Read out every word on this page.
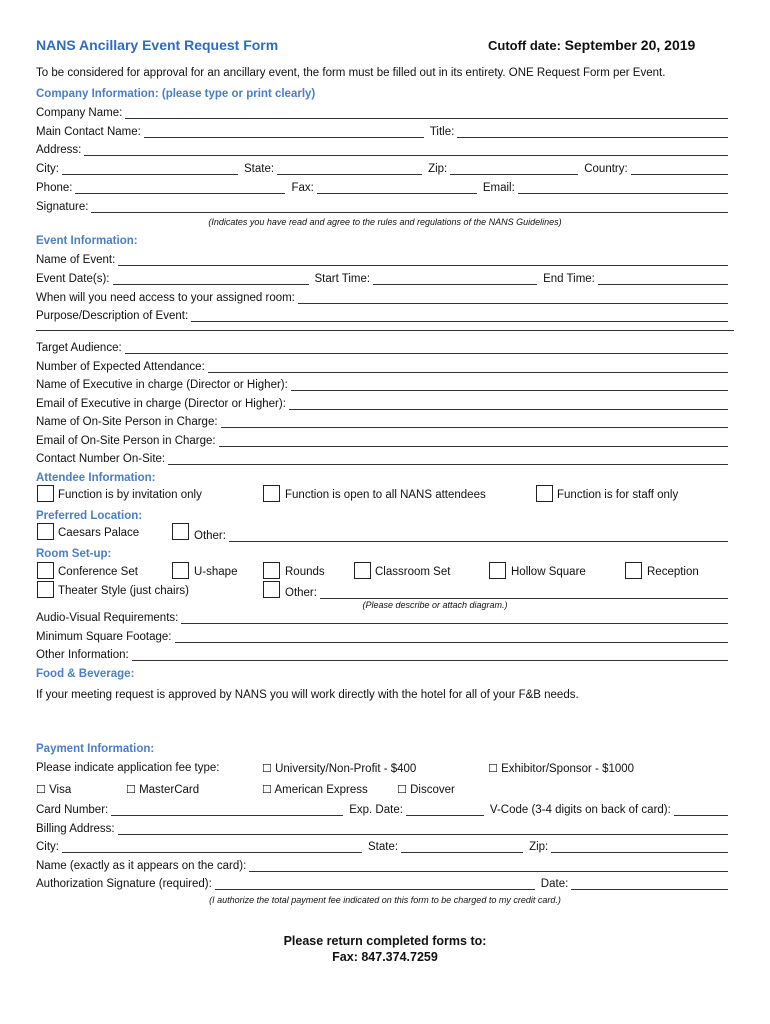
NANS Ancillary Event Request Form	Cutoff date: September 20, 2019
To be considered for approval for an ancillary event, the form must be filled out in its entirety. ONE Request Form per Event.
Company Information: (please type or print clearly)
Company Name:
Main Contact Name:	Title:
Address:
City:	State:	Zip:	Country:
Phone:	Fax:	Email:
Signature:
(Indicates you have read and agree to the rules and regulations of the NANS Guidelines)
Event Information:
Name of Event:
Event Date(s):	Start Time:	End Time:
When will you need access to your assigned room:
Purpose/Description of Event:
Target Audience:
Number of Expected Attendance:
Name of Executive in charge (Director or Higher):
Email of Executive in charge (Director or Higher):
Name of On-Site Person in Charge:
Email of On-Site Person in Charge:
Contact Number On-Site:
Attendee Information:
Function is by invitation only	Function is open to all NANS attendees	Function is for staff only
Preferred Location:
Caesars Palace	Other:
Room Set-up:
Conference Set	U-shape	Rounds	Classroom Set	Hollow Square	Reception
Theater Style (just chairs)	Other:
(Please describe or attach diagram.)
Audio-Visual Requirements:
Minimum Square Footage:
Other Information:
Food & Beverage:
If your meeting request is approved by NANS you will work directly with the hotel for all of your F&B needs.
Payment Information:
Please indicate application fee type:	☐ University/Non-Profit - $400	☐ Exhibitor/Sponsor - $1000
☐ Visa	☐ MasterCard	☐ American Express	☐ Discover
Card Number:	Exp. Date:	V-Code (3-4 digits on back of card):
Billing Address:
City:	State:	Zip:
Name (exactly as it appears on the card):
Authorization Signature (required):	Date:
(I authorize the total payment fee indicated on this form to be charged to my credit card.)
Please return completed forms to:
Fax: 847.374.7259
